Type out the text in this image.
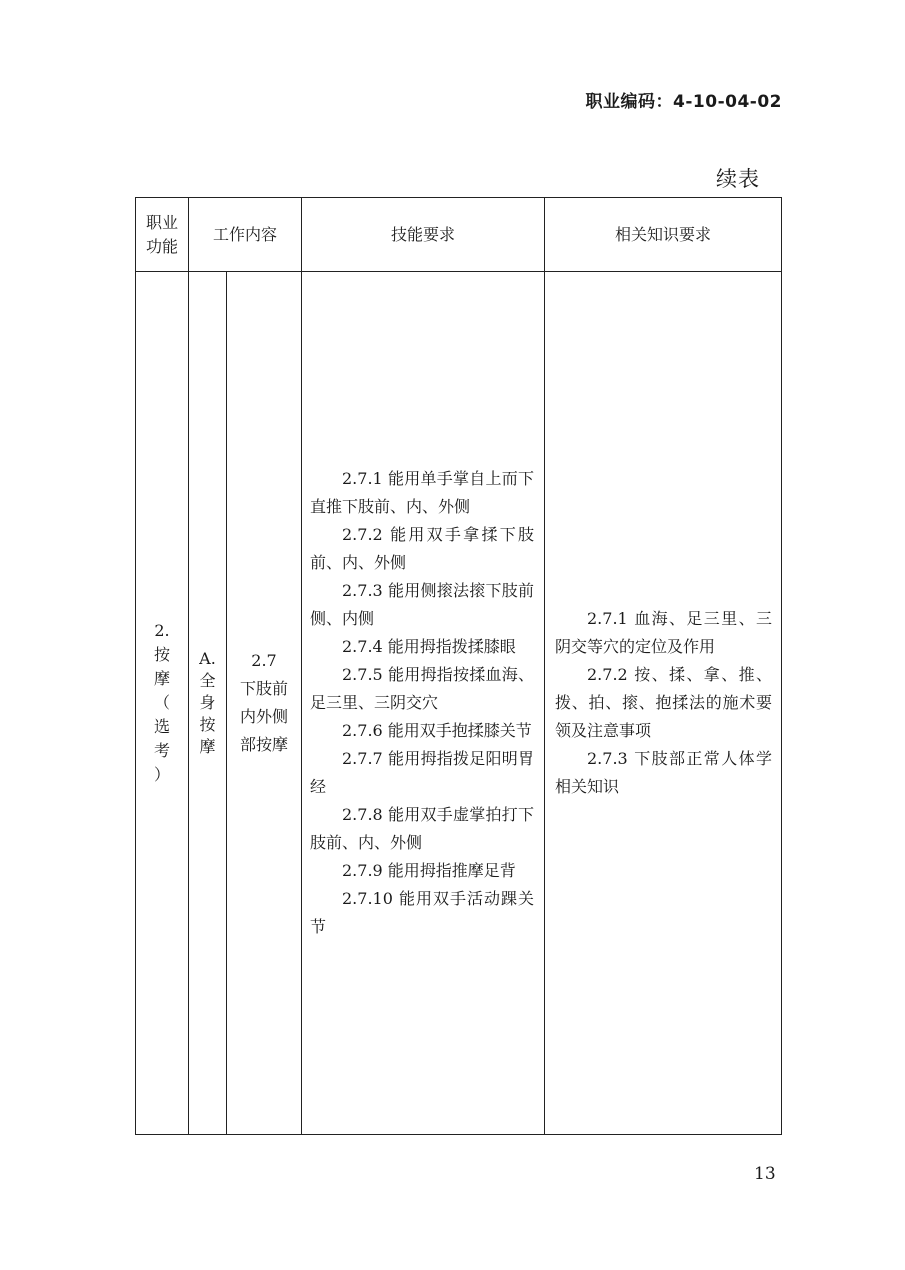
职业编码：4-10-04-02
续表
职业
功能
工作内容	技能要求	相关知识要求
2.
按
摩
（
选
考
）
A.
全
身
按
摩
2.7
下肢前
内外侧
部按摩
2.7.1 能用单手掌自上而下直推下肢前、内、外侧
2.7.2 能用双手拿揉下肢前、内、外侧
2.7.3 能用侧㨰法㨰下肢前侧、内侧
2.7.4 能用拇指拨揉膝眼
2.7.5 能用拇指按揉血海、足三里、三阴交穴
2.7.6 能用双手抱揉膝关节
2.7.7 能用拇指拨足阳明胃经
2.7.8 能用双手虚掌拍打下肢前、内、外侧
2.7.9 能用拇指推摩足背
2.7.10 能用双手活动踝关节
2.7.1 血海、足三里、三阴交等穴的定位及作用
2.7.2 按、揉、拿、推、拨、拍、㨰、抱揉法的施术要领及注意事项
2.7.3 下肢部正常人体学相关知识
13
